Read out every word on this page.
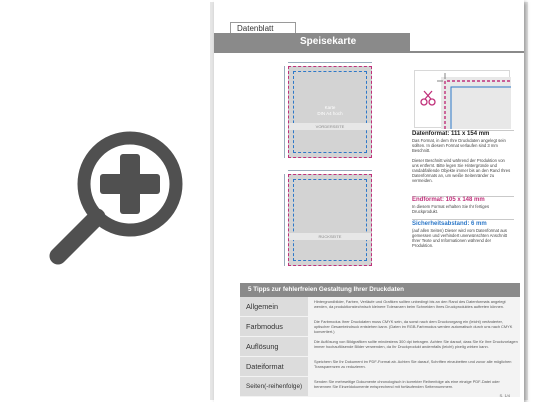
Datenblatt
Speisekarte
Karte
DIN A4 hoch
VORDERSEITE
RÜCKSEITE
Datenformat: 111 x 154 mm
Das Format, in dem Ihre Druckdaten angelegt sein sollten. In diesem Format verlaufen sind 3 mm Beschnitt.
Dieser Beschnitt wird während der Produktion von uns entfernt. Bitte legen Sie Hintergründe und randabfallende Objekte immer bis an den Rand Ihres Datenformats an, um weiße Seitenränder zu vermeiden.
Endformat: 105 x 148 mm
In diesem Format erhalten Sie Ihr fertiges Druckprodukt.
Sicherheitsabstand: 6 mm
(auf allen Seiten) Dieser wird vom Datenformat aus gemessen und verhindert unerwünschten Anschnitt Ihrer Texte und Informationen während der Produktion.
5 Tipps zur fehlerfreien Gestaltung Ihrer Druckdaten
Allgemein
Hintergrundbilder, Farben, Verläufe und Grafiken sollten unbedingt bis an den Rand des Datenformats angelegt werden, da produktionstechnisch kleinere Toleranzen beim Schneiden Ihres Druckproduktes auftreten können.
Farbmodus
Die Farbmodus Ihrer Druckdaten muss CMYK sein, da sonst nach dem Druckvorgang ein (leicht) veränderter, optischer Gesamteindruck entstehen kann. (Daten im RGB-Farbmodus werden automatisch durch uns nach CMYK konvertiert.)
Auflösung
Die Auflösung von Bildgrafiken sollte mindestens 300 dpi betragen. Achten Sie darauf, dass Sie für Ihre Druckvorlagen immer hochauflösende Bilder verwenden, da Ihr Druckprodukt andernfalls (leicht) pixelig wirken kann.
Dateiformat
Speichern Sie Ihr Dokument im PDF-Format ab. Achten Sie darauf, Schriften einzubetten und zuvor alle möglichen Transparenzen zu reduzieren.
Seiten(-reihenfolge)
Senden Sie mehrseitige Dokumente chronologisch in korrekter Reihenfolge als eine einzige PDF-Datei oder benennen Sie Einzeldokumente entsprechend mit fortlaufenden Seitennummern.
S. 1/4
